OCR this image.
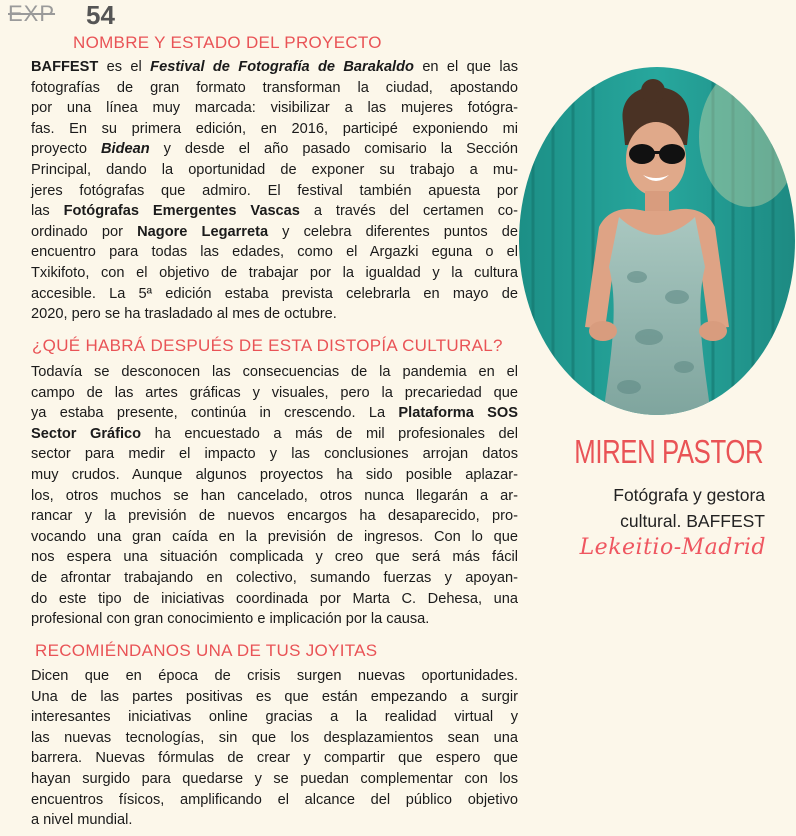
EXP 54
NOMBRE Y ESTADO DEL PROYECTO

BAFFEST es el Festival de Fotografía de Barakaldo en el que las

fotografías de gran formato transforman la ciudad, apostando

por una línea muy marcada: visibilizar a las mujeres fotógra-

fas. En su primera edición, en 2016, participé exponiendo mi

proyecto Bidean y desde el año pasado comisario la Sección

Principal, dando la oportunidad de exponer su trabajo a mu-

jeres fotógrafas que admiro. El festival también apuesta por

las Fotógrafas Emergentes Vascas a través del certamen co-

ordinado por Nagore Legarreta y celebra diferentes puntos de

encuentro para todas las edades, como el Argazki eguna o el

Txikifoto, con el objetivo de trabajar por la igualdad y la cultura

accesible. La 5ª edición estaba prevista celebrarla en mayo de

2020, pero se ha trasladado al mes de octubre.

¿QUÉ HABRÁ DESPUÉS DE ESTA DISTOPÍA CULTURAL?

Todavía se desconocen las consecuencias de la pandemia en el

campo de las artes gráficas y visuales, pero la precariedad que

ya estaba presente, continúa in crescendo. La Plataforma SOS

Sector Gráfico ha encuestado a más de mil profesionales del

sector para medir el impacto y las conclusiones arrojan datos

muy crudos. Aunque algunos proyectos ha sido posible aplazar-

los, otros muchos se han cancelado, otros nunca llegarán a ar-

rancar y la previsión de nuevos encargos ha desaparecido, pro-

vocando una gran caída en la previsión de ingresos. Con lo que

nos espera una situación complicada y creo que será más fácil

de afrontar trabajando en colectivo, sumando fuerzas y apoyan-

do este tipo de iniciativas coordinada por Marta C. Dehesa, una

profesional con gran conocimiento e implicación por la causa.

RECOMIÉNDANOS UNA DE TUS JOYITAS

Dicen que en época de crisis surgen nuevas oportunidades.

Una de las partes positivas es que están empezando a surgir

interesantes iniciativas online gracias a la realidad virtual y

las nuevas tecnologías, sin que los desplazamientos sean una

barrera. Nuevas fórmulas de crear y compartir que espero que

hayan surgido para quedarse y se puedan complementar con los

encuentros físicos, amplificando el alcance del público objetivo

a nivel mundial.

MIREN PASTOR
Fotógrafa y gestora
cultural. BAFFEST
Lekeitio-Madrid
